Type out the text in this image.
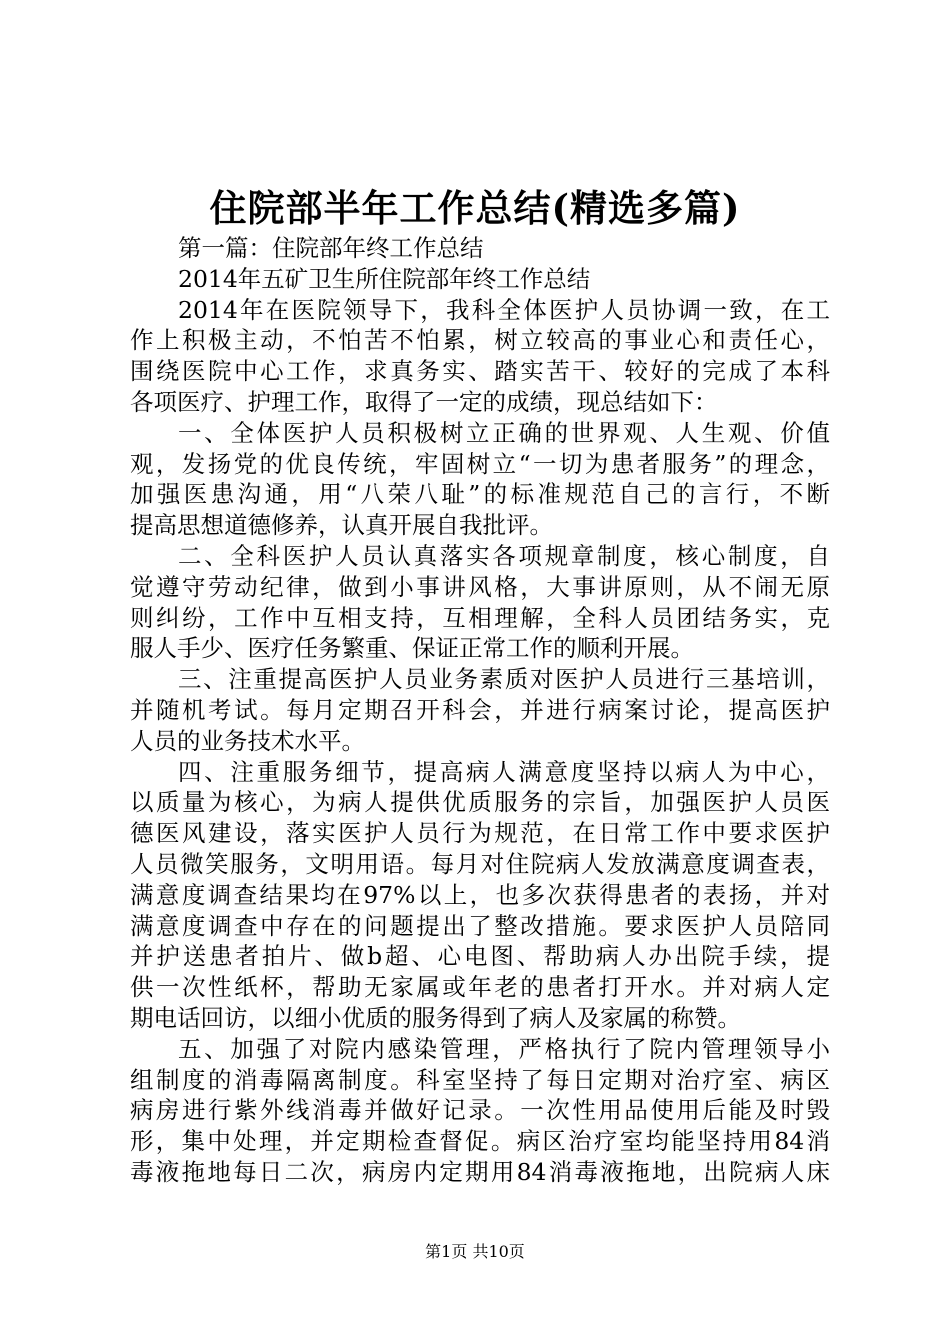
住院部半年工作总结(精选多篇)
第一篇：住院部年终工作总结
2014年五矿卫生所住院部年终工作总结
2014年在医院领导下，我科全体医护人员协调一致，在工
作上积极主动，不怕苦不怕累，树立较高的事业心和责任心，
围绕医院中心工作，求真务实、踏实苦干、较好的完成了本科
各项医疗、护理工作，取得了一定的成绩，现总结如下：
一、全体医护人员积极树立正确的世界观、人生观、价值
观，发扬党的优良传统，牢固树立“一切为患者服务”的理念，
加强医患沟通，用“八荣八耻”的标准规范自己的言行，不断
提高思想道德修养，认真开展自我批评。
二、全科医护人员认真落实各项规章制度，核心制度，自
觉遵守劳动纪律，做到小事讲风格，大事讲原则，从不闹无原
则纠纷，工作中互相支持，互相理解，全科人员团结务实，克
服人手少、医疗任务繁重、保证正常工作的顺利开展。
三、注重提高医护人员业务素质对医护人员进行三基培训，
并随机考试。每月定期召开科会，并进行病案讨论，提高医护
人员的业务技术水平。
四、注重服务细节，提高病人满意度坚持以病人为中心，
以质量为核心，为病人提供优质服务的宗旨，加强医护人员医
德医风建设，落实医护人员行为规范，在日常工作中要求医护
人员微笑服务，文明用语。每月对住院病人发放满意度调查表，
满意度调查结果均在97%以上，也多次获得患者的表扬，并对
满意度调查中存在的问题提出了整改措施。要求医护人员陪同
并护送患者拍片、做b超、心电图、帮助病人办出院手续，提
供一次性纸杯，帮助无家属或年老的患者打开水。并对病人定
期电话回访，以细小优质的服务得到了病人及家属的称赞。
五、加强了对院内感染管理，严格执行了院内管理领导小
组制度的消毒隔离制度。科室坚持了每日定期对治疗室、病区
病房进行紫外线消毒并做好记录。一次性用品使用后能及时毁
形，集中处理，并定期检查督促。病区治疗室均能坚持用84消
毒液拖地每日二次，病房内定期用84消毒液拖地，出院病人床
第1页 共10页
